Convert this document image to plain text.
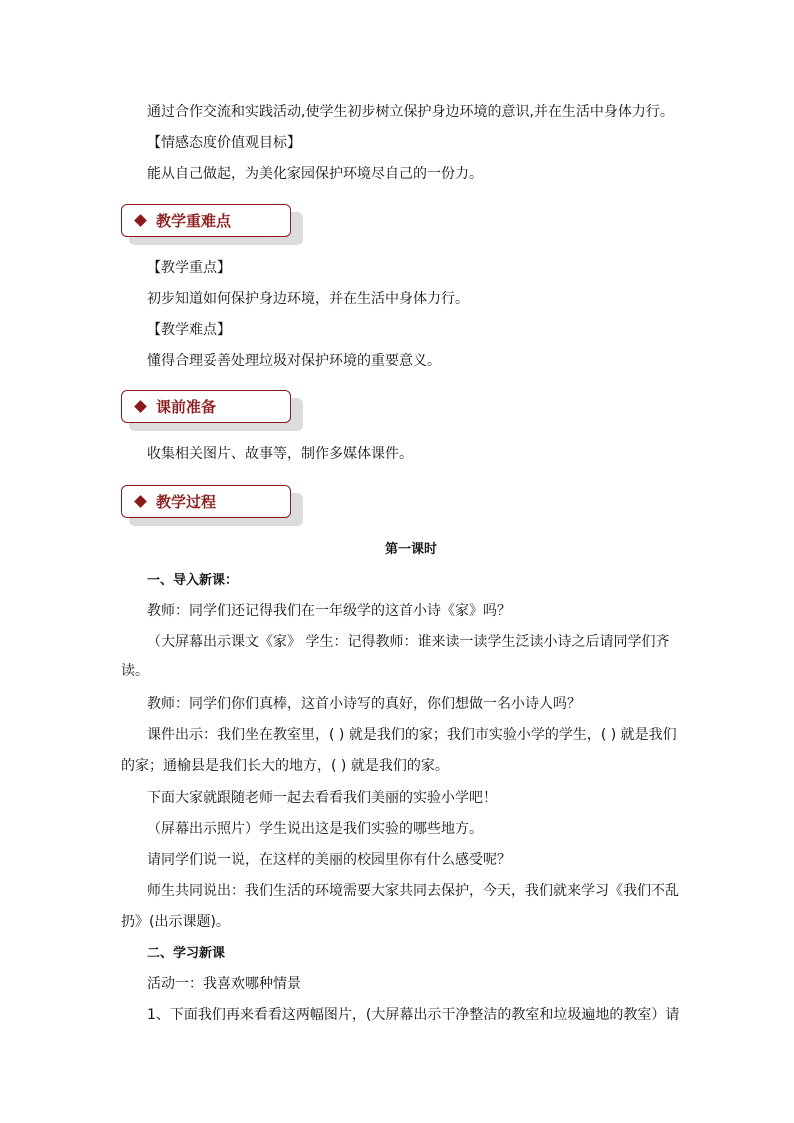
通过合作交流和实践活动,使学生初步树立保护身边环境的意识,并在生活中身体力行。
【情感态度价值观目标】
能从自己做起，为美化家园保护环境尽自己的一份力。
教学重难点
【教学重点】
初步知道如何保护身边环境，并在生活中身体力行。
【教学难点】
懂得合理妥善处理垃圾对保护环境的重要意义。
课前准备
收集相关图片、故事等，制作多媒体课件。
教学过程
第一课时
一、导入新课：
教师：同学们还记得我们在一年级学的这首小诗《家》吗？
（大屏幕出示课文《家》 学生：记得教师：谁来读一读学生泛读小诗之后请同学们齐
读。
教师：同学们你们真棒，这首小诗写的真好，你们想做一名小诗人吗？
课件出示：我们坐在教室里，( ) 就是我们的家；我们市实验小学的学生，( ) 就是我们
的家；通榆县是我们长大的地方，( ) 就是我们的家。
下面大家就跟随老师一起去看看我们美丽的实验小学吧！
（屏幕出示照片）学生说出这是我们实验的哪些地方。
请同学们说一说，在这样的美丽的校园里你有什么感受呢？
师生共同说出：我们生活的环境需要大家共同去保护，今天，我们就来学习《我们不乱
扔》(出示课题)。
二、学习新课
活动一：我喜欢哪种情景
1、下面我们再来看看这两幅图片，(大屏幕出示干净整洁的教室和垃圾遍地的教室）请
